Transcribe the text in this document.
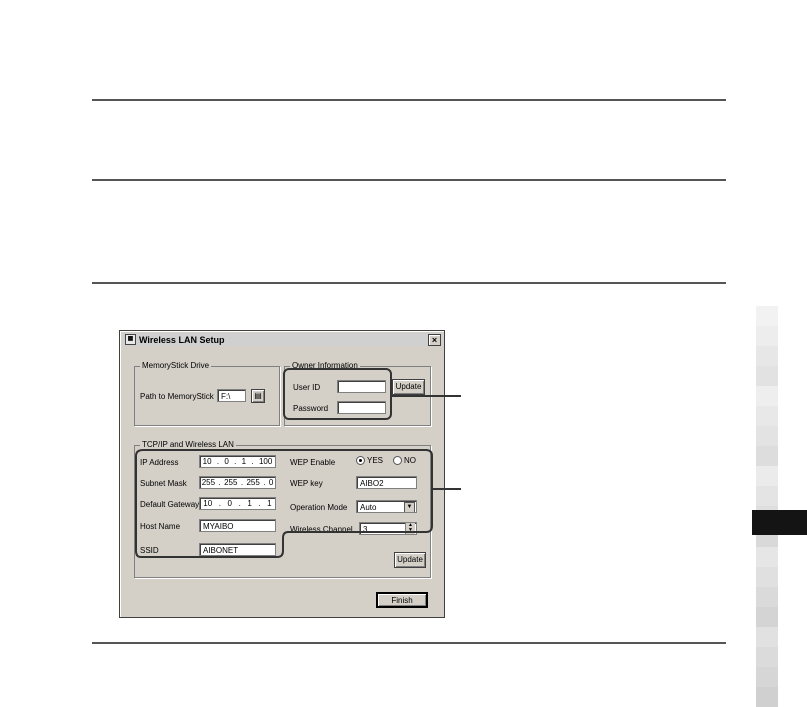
▦ Wireless LAN Setup	×
MemoryStick Drive
Path to MemoryStick F:\	▤
Owner Information
User ID
Password
Update
TCP/IP and Wireless LAN
IP Address	10 . 0 . 1 . 100
Subnet Mask 255 . 255 . 255 . 0
Default Gateway 10 . 0 . 1 . 1
Host Name	MYAIBO
SSID	AIBONET
WEP Enable	YES	NO
WEP key	AIBO2
Operation Mode	Auto	▼
Wireless Channel	3	▲
▼
Update
Finish
